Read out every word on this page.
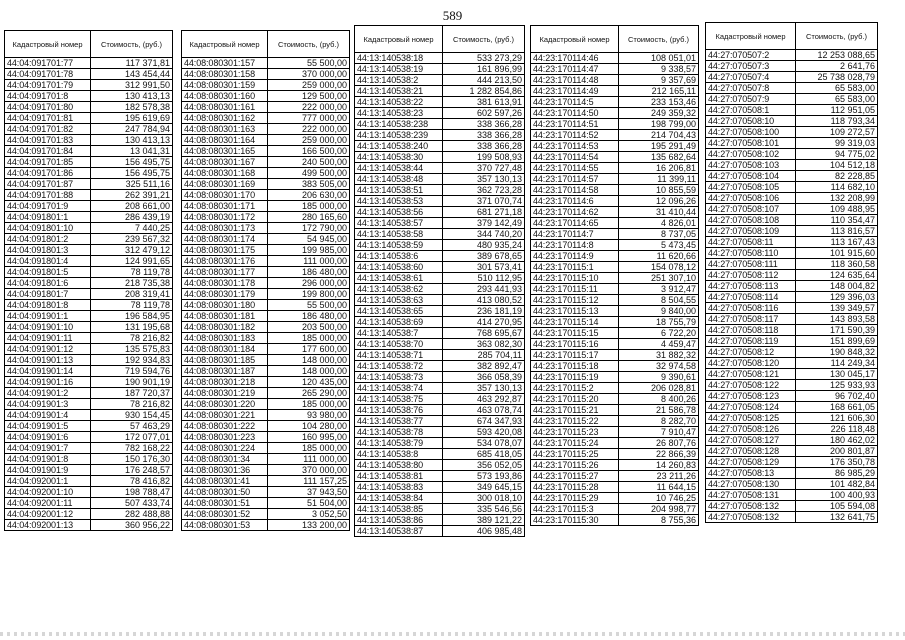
589
Кадастровый номер	Стоимость, (руб.)
44:04:091701:77	117 371,81
44:04:091701:78	143 454,44
44:04:091701:79	312 991,50
44:04:091701:8	130 413,13
44:04:091701:80	182 578,38
44:04:091701:81	195 619,69
44:04:091701:82	247 784,94
44:04:091701:83	130 413,13
44:04:091701:84	13 041,31
44:04:091701:85	156 495,75
44:04:091701:86	156 495,75
44:04:091701:87	325 511,16
44:04:091701:88	262 391,21
44:04:091701:9	208 661,00
44:04:091801:1	286 439,19
44:04:091801:10	7 440,25
44:04:091801:2	239 567,32
44:04:091801:3	312 479,12
44:04:091801:4	124 991,65
44:04:091801:5	78 119,78
44:04:091801:6	218 735,38
44:04:091801:7	208 319,41
44:04:091801:8	78 119,78
44:04:091901:1	196 584,95
44:04:091901:10	131 195,68
44:04:091901:11	78 216,82
44:04:091901:12	135 575,83
44:04:091901:13	192 934,83
44:04:091901:14	719 594,76
44:04:091901:16	190 901,19
44:04:091901:2	187 720,37
44:04:091901:3	78 216,82
44:04:091901:4	930 154,45
44:04:091901:5	57 463,29
44:04:091901:6	172 077,01
44:04:091901:7	782 168,22
44:04:091901:8	150 176,30
44:04:091901:9	176 248,57
44:04:092001:1	78 416,82
44:04:092001:10	198 788,47
44:04:092001:11	507 433,74
44:04:092001:12	282 488,88
44:04:092001:13	360 956,22
Кадастровый номер	Стоимость, (руб.)
44:08:080301:157	55 500,00
44:08:080301:158	370 000,00
44:08:080301:159	259 000,00
44:08:080301:160	129 500,00
44:08:080301:161	222 000,00
44:08:080301:162	777 000,00
44:08:080301:163	222 000,00
44:08:080301:164	259 000,00
44:08:080301:165	166 500,00
44:08:080301:167	240 500,00
44:08:080301:168	499 500,00
44:08:080301:169	383 505,00
44:08:080301:170	206 630,00
44:08:080301:171	185 000,00
44:08:080301:172	280 165,60
44:08:080301:173	172 790,00
44:08:080301:174	54 945,00
44:08:080301:175	199 985,00
44:08:080301:176	111 000,00
44:08:080301:177	186 480,00
44:08:080301:178	296 000,00
44:08:080301:179	199 800,00
44:08:080301:180	55 500,00
44:08:080301:181	186 480,00
44:08:080301:182	203 500,00
44:08:080301:183	185 000,00
44:08:080301:184	177 600,00
44:08:080301:185	148 000,00
44:08:080301:187	148 000,00
44:08:080301:218	120 435,00
44:08:080301:219	265 290,00
44:08:080301:220	185 000,00
44:08:080301:221	93 980,00
44:08:080301:222	104 280,00
44:08:080301:223	160 995,00
44:08:080301:224	185 000,00
44:08:080301:34	111 000,00
44:08:080301:36	370 000,00
44:08:080301:41	111 157,25
44:08:080301:50	37 943,50
44:08:080301:51	51 504,00
44:08:080301:52	3 052,50
44:08:080301:53	133 200,00
Кадастровый номер	Стоимость, (руб.)
44:13:140538:18	533 273,29
44:13:140538:19	161 896,99
44:13:140538:2	444 213,50
44:13:140538:21	1 282 854,86
44:13:140538:22	381 613,91
44:13:140538:23	602 597,26
44:13:140538:238	338 366,28
44:13:140538:239	338 366,28
44:13:140538:240	338 366,28
44:13:140538:30	199 508,93
44:13:140538:44	370 727,48
44:13:140538:48	357 130,13
44:13:140538:51	362 723,28
44:13:140538:53	371 070,74
44:13:140538:56	681 271,18
44:13:140538:57	379 142,49
44:13:140538:58	344 740,20
44:13:140538:59	480 935,24
44:13:140538:6	389 678,65
44:13:140538:60	301 573,41
44:13:140538:61	510 112,95
44:13:140538:62	293 441,93
44:13:140538:63	413 080,52
44:13:140538:65	236 181,19
44:13:140538:69	414 270,95
44:13:140538:7	768 695,67
44:13:140538:70	363 082,30
44:13:140538:71	285 704,11
44:13:140538:72	382 892,47
44:13:140538:73	366 058,39
44:13:140538:74	357 130,13
44:13:140538:75	463 292,87
44:13:140538:76	463 078,74
44:13:140538:77	674 347,93
44:13:140538:78	593 420,08
44:13:140538:79	534 078,07
44:13:140538:8	685 418,05
44:13:140538:80	356 052,05
44:13:140538:81	573 193,86
44:13:140538:83	349 645,15
44:13:140538:84	300 018,10
44:13:140538:85	335 546,56
44:13:140538:86	389 121,22
44:13:140538:87	406 985,48
Кадастровый номер	Стоимость, (руб.)
44:23:170114:46	108 051,01
44:23:170114:47	9 338,57
44:23:170114:48	9 357,69
44:23:170114:49	212 165,11
44:23:170114:5	233 153,46
44:23:170114:50	249 359,32
44:23:170114:51	198 799,00
44:23:170114:52	214 704,43
44:23:170114:53	195 291,49
44:23:170114:54	135 682,64
44:23:170114:55	16 206,81
44:23:170114:57	11 399,11
44:23:170114:58	10 855,59
44:23:170114:6	12 096,26
44:23:170114:62	31 410,44
44:23:170114:65	4 826,01
44:23:170114:7	8 737,05
44:23:170114:8	5 473,45
44:23:170114:9	11 620,66
44:23:170115:1	154 078,12
44:23:170115:10	251 307,10
44:23:170115:11	3 912,47
44:23:170115:12	8 504,55
44:23:170115:13	9 840,00
44:23:170115:14	18 755,79
44:23:170115:15	6 722,20
44:23:170115:16	4 459,47
44:23:170115:17	31 882,32
44:23:170115:18	32 974,58
44:23:170115:19	9 390,61
44:23:170115:2	206 028,81
44:23:170115:20	8 400,26
44:23:170115:21	21 586,78
44:23:170115:22	8 282,70
44:23:170115:23	7 910,47
44:23:170115:24	26 807,76
44:23:170115:25	22 866,39
44:23:170115:26	14 260,83
44:23:170115:27	23 211,26
44:23:170115:28	11 644,15
44:23:170115:29	10 746,25
44:23:170115:3	204 998,77
44:23:170115:30	8 755,36
Кадастровый номер	Стоимость, (руб.)
44:27:070507:2	12 253 088,65
44:27:070507:3	2 641,76
44:27:070507:4	25 738 028,79
44:27:070507:8	65 583,00
44:27:070507:9	65 583,00
44:27:070508:1	112 951,05
44:27:070508:10	118 793,34
44:27:070508:100	109 272,57
44:27:070508:101	99 319,03
44:27:070508:102	94 775,02
44:27:070508:103	104 512,18
44:27:070508:104	82 228,85
44:27:070508:105	114 682,10
44:27:070508:106	132 208,99
44:27:070508:107	109 488,95
44:27:070508:108	110 354,47
44:27:070508:109	113 816,57
44:27:070508:11	113 167,43
44:27:070508:110	101 915,60
44:27:070508:111	118 360,58
44:27:070508:112	124 635,64
44:27:070508:113	148 004,82
44:27:070508:114	129 396,03
44:27:070508:116	139 349,57
44:27:070508:117	143 893,58
44:27:070508:118	171 590,39
44:27:070508:119	151 899,69
44:27:070508:12	190 848,32
44:27:070508:120	114 249,34
44:27:070508:121	130 045,17
44:27:070508:122	125 933,93
44:27:070508:123	96 702,40
44:27:070508:124	168 661,05
44:27:070508:125	121 606,30
44:27:070508:126	226 118,48
44:27:070508:127	180 462,02
44:27:070508:128	200 801,87
44:27:070508:129	176 350,78
44:27:070508:13	86 985,29
44:27:070508:130	101 482,84
44:27:070508:131	100 400,93
44:27:070508:132	105 594,08
44:27:070508:132	132 641,75
